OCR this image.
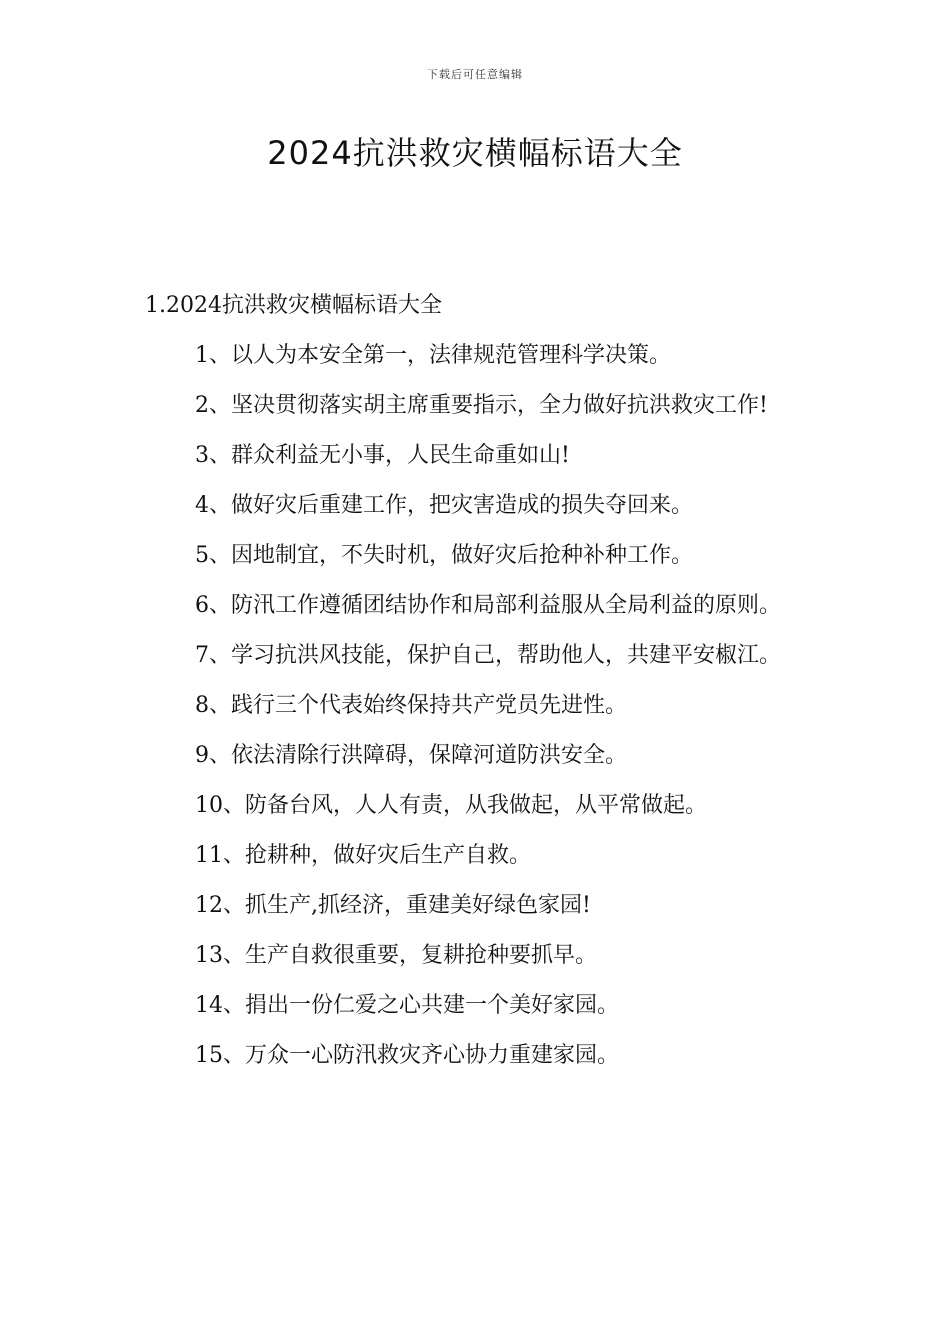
下载后可任意编辑
2024抗洪救灾横幅标语大全

1.2024抗洪救灾横幅标语大全

1、以人为本安全第一，法律规范管理科学决策。

2、坚决贯彻落实胡主席重要指示，全力做好抗洪救灾工作!

3、群众利益无小事，人民生命重如山!

4、做好灾后重建工作，把灾害造成的损失夺回来。

5、因地制宜，不失时机，做好灾后抢种补种工作。

6、防汛工作遵循团结协作和局部利益服从全局利益的原则。

7、学习抗洪风技能，保护自己，帮助他人，共建平安椒江。

8、践行三个代表始终保持共产党员先进性。

9、依法清除行洪障碍，保障河道防洪安全。

10、防备台风，人人有责，从我做起，从平常做起。

11、抢耕种，做好灾后生产自救。

12、抓生产,抓经济，重建美好绿色家园!

13、生产自救很重要，复耕抢种要抓早。

14、捐出一份仁爱之心共建一个美好家园。

15、万众一心防汛救灾齐心协力重建家园。
